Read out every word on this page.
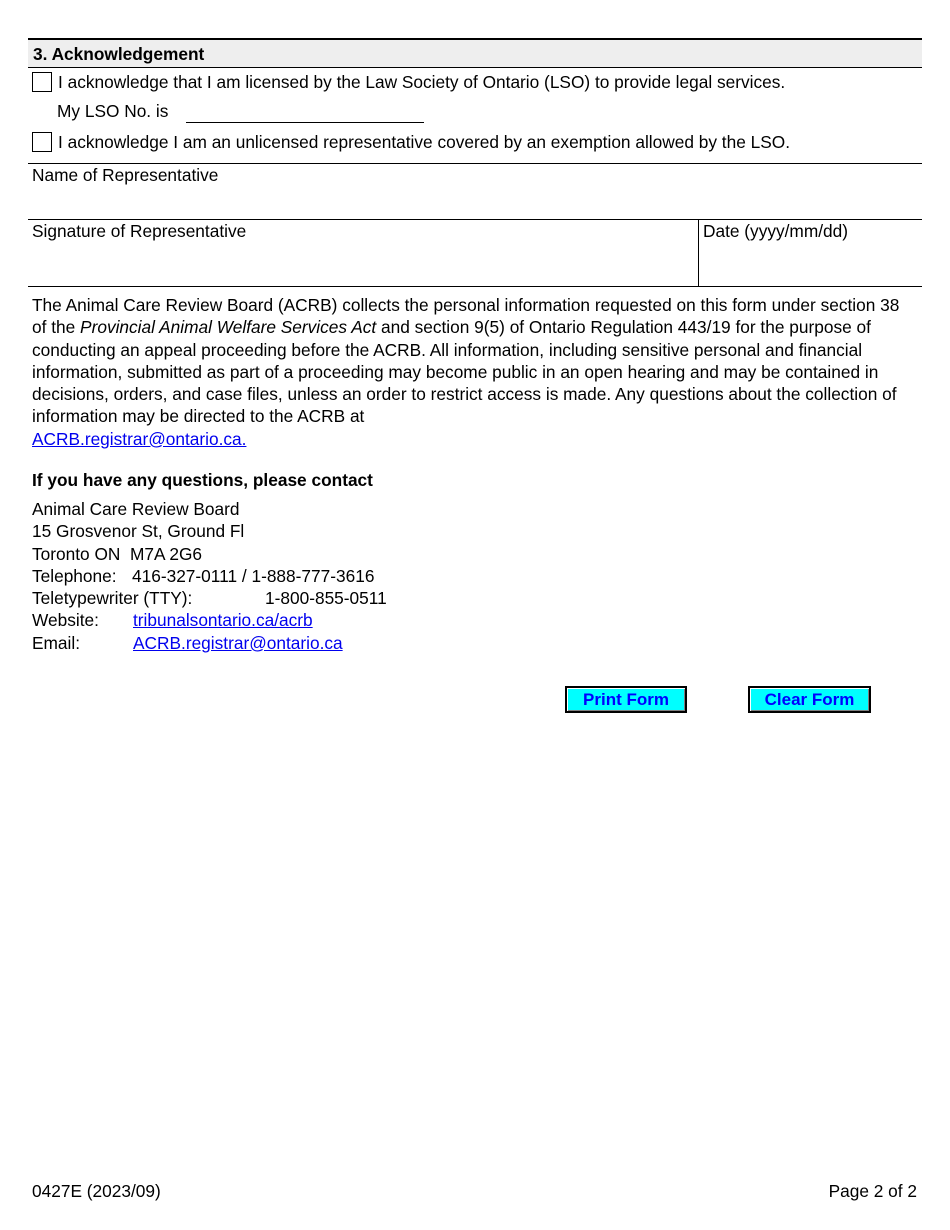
3. Acknowledgement
I acknowledge that I am licensed by the Law Society of Ontario (LSO) to provide legal services.
My LSO No. is
I acknowledge I am an unlicensed representative covered by an exemption allowed by the LSO.
Name of Representative
Signature of Representative	Date (yyyy/mm/dd)
The Animal Care Review Board (ACRB) collects the personal information requested on this form under section 38 of the Provincial Animal Welfare Services Act and section 9(5) of Ontario Regulation 443/19 for the purpose of conducting an appeal proceeding before the ACRB. All information, including sensitive personal and financial information, submitted as part of a proceeding may become public in an open hearing and may be contained in decisions, orders, and case files, unless an order to restrict access is made. Any questions about the collection of information may be directed to the ACRB at
ACRB.registrar@ontario.ca.
If you have any questions, please contact
Animal Care Review Board
15 Grosvenor St, Ground Fl
Toronto ON  M7A 2G6
Telephone: 416-327-0111 / 1-888-777-3616
Teletypewriter (TTY):	1-800-855-0511
Website:	tribunalsontario.ca/acrb
Email:	ACRB.registrar@ontario.ca
Print Form	Clear Form
0427E (2023/09)	Page 2 of 2
